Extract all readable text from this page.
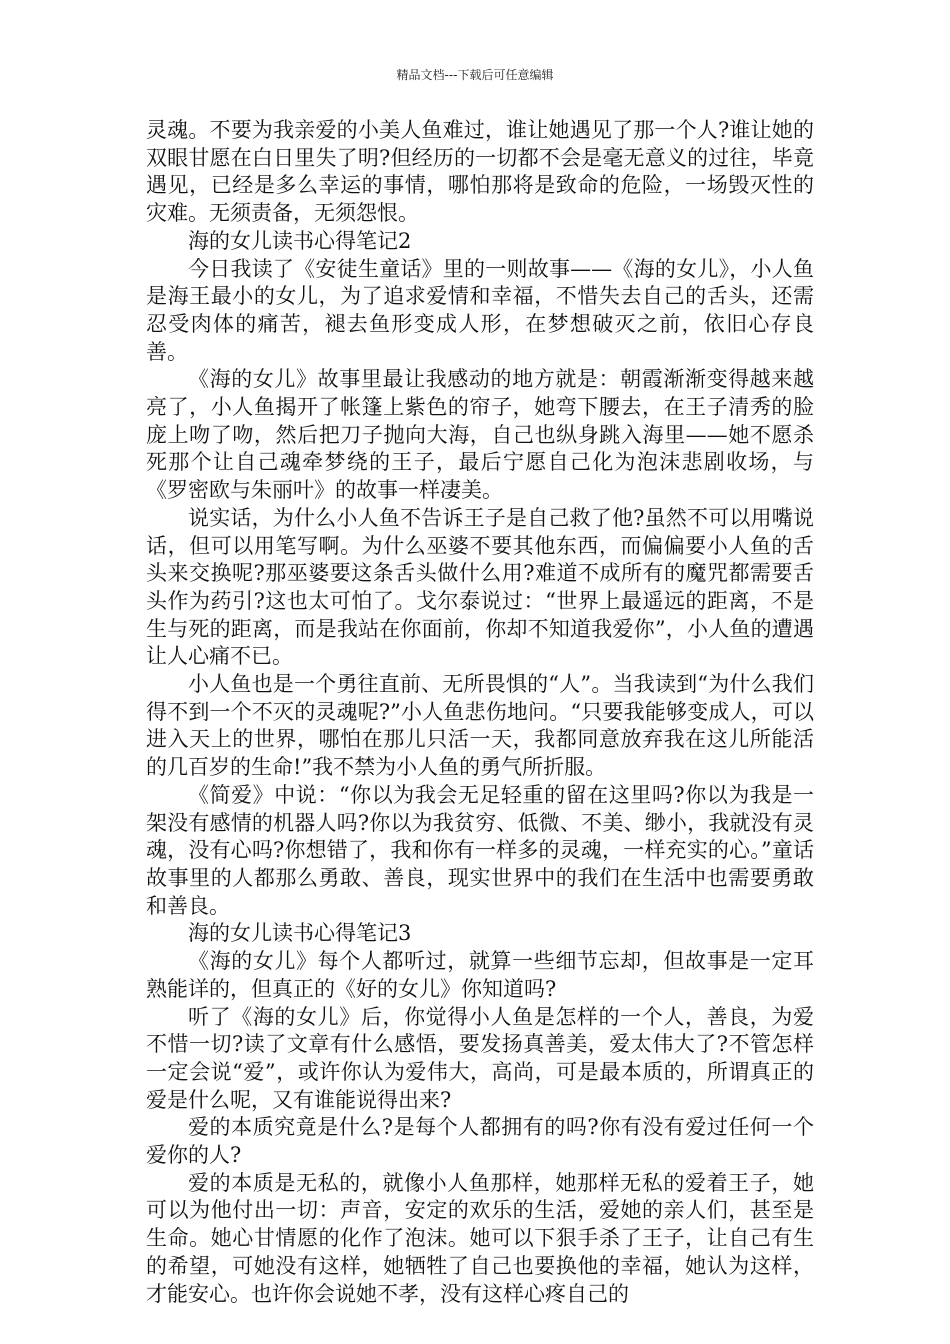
精品文档---下载后可任意编辑

灵魂。不要为我亲爱的小美人鱼难过，谁让她遇见了那一个人?谁让她的双眼甘愿在白日里失了明?但经历的一切都不会是毫无意义的过往，毕竟遇见，已经是多么幸运的事情，哪怕那将是致命的危险，一场毁灭性的灾难。无须责备，无须怨恨。

海的女儿读书心得笔记2

今日我读了《安徒生童话》里的一则故事——《海的女儿》，小人鱼是海王最小的女儿，为了追求爱情和幸福，不惜失去自己的舌头，还需忍受肉体的痛苦，褪去鱼形变成人形，在梦想破灭之前，依旧心存良善。

《海的女儿》故事里最让我感动的地方就是：朝霞渐渐变得越来越亮了，小人鱼揭开了帐篷上紫色的帘子，她弯下腰去，在王子清秀的脸庞上吻了吻，然后把刀子抛向大海，自己也纵身跳入海里——她不愿杀死那个让自己魂牵梦绕的王子，最后宁愿自己化为泡沫悲剧收场，与《罗密欧与朱丽叶》的故事一样凄美。

说实话，为什么小人鱼不告诉王子是自己救了他?虽然不可以用嘴说话，但可以用笔写啊。为什么巫婆不要其他东西，而偏偏要小人鱼的舌头来交换呢?那巫婆要这条舌头做什么用?难道不成所有的魔咒都需要舌头作为药引?这也太可怕了。戈尔泰说过：“世界上最遥远的距离，不是生与死的距离，而是我站在你面前，你却不知道我爱你”，小人鱼的遭遇让人心痛不已。

小人鱼也是一个勇往直前、无所畏惧的“人”。当我读到“为什么我们得不到一个不灭的灵魂呢?”小人鱼悲伤地问。“只要我能够变成人，可以进入天上的世界，哪怕在那儿只活一天，我都同意放弃我在这儿所能活的几百岁的生命!”我不禁为小人鱼的勇气所折服。

《简爱》中说：“你以为我会无足轻重的留在这里吗?你以为我是一架没有感情的机器人吗?你以为我贫穷、低微、不美、缈小，我就没有灵魂，没有心吗?你想错了，我和你有一样多的灵魂，一样充实的心。”童话故事里的人都那么勇敢、善良，现实世界中的我们在生活中也需要勇敢和善良。

海的女儿读书心得笔记3

《海的女儿》每个人都听过，就算一些细节忘却，但故事是一定耳熟能详的，但真正的《好的女儿》你知道吗?

听了《海的女儿》后，你觉得小人鱼是怎样的一个人，善良，为爱不惜一切?读了文章有什么感悟，要发扬真善美，爱太伟大了?不管怎样一定会说“爱”，或许你认为爱伟大，高尚，可是最本质的，所谓真正的爱是什么呢，又有谁能说得出来?

爱的本质究竟是什么?是每个人都拥有的吗?你有没有爱过任何一个爱你的人?

爱的本质是无私的，就像小人鱼那样，她那样无私的爱着王子，她可以为他付出一切：声音，安定的欢乐的生活，爱她的亲人们，甚至是生命。她心甘情愿的化作了泡沫。她可以下狠手杀了王子，让自己有生的希望，可她没有这样，她牺牲了自己也要换他的幸福，她认为这样，才能安心。也许你会说她不孝，没有这样心疼自己的
